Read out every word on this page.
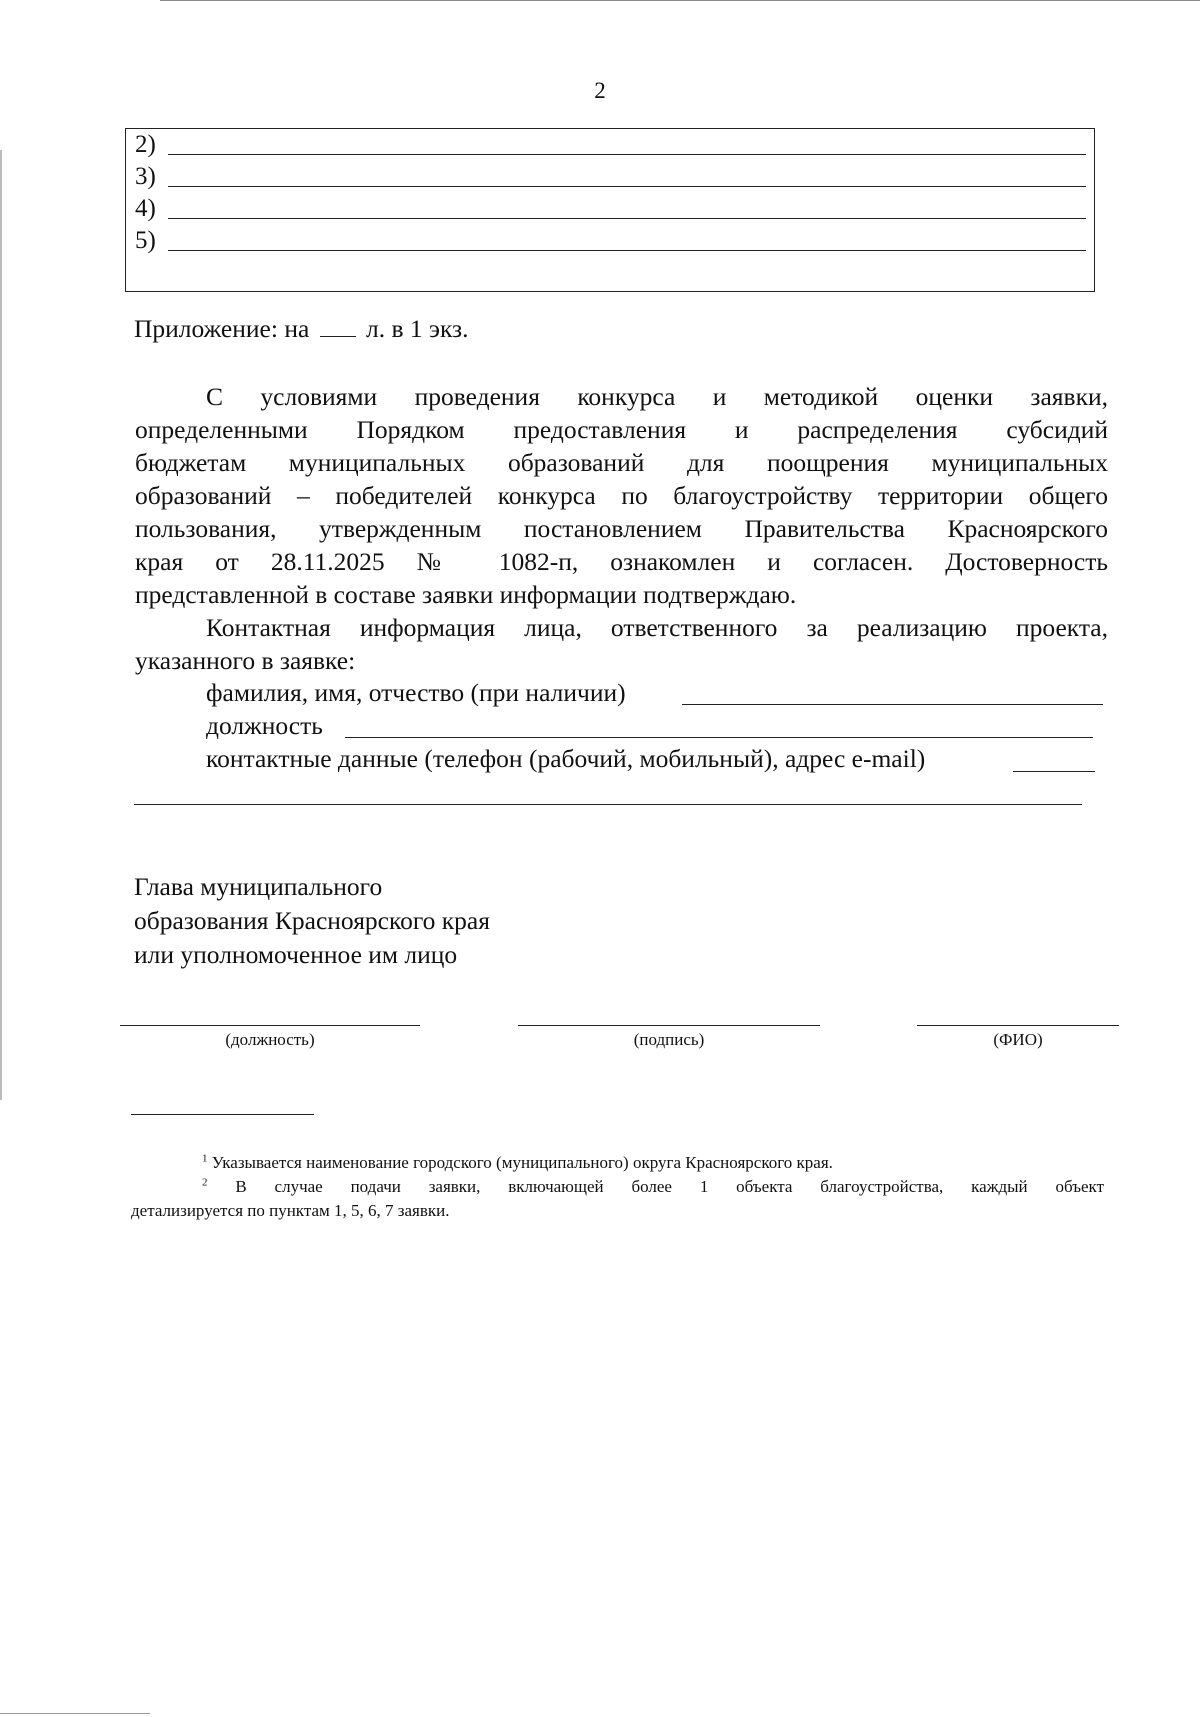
2
2)
3)
4)
5)
Приложение: на л. в 1 экз.
С условиями проведения конкурса и методикой оценки заявки,
определенными Порядком предоставления и распределения субсидий
бюджетам муниципальных образований для поощрения муниципальных
образований – победителей конкурса по благоустройству территории общего
пользования, утвержденным постановлением Правительства Красноярского
края от 28.11.2025 № 1082-п, ознакомлен и согласен. Достоверность
представленной в составе заявки информации подтверждаю.
Контактная информация лица, ответственного за реализацию проекта,
указанного в заявке:
фамилия, имя, отчество (при наличии)
должность
контактные данные (телефон (рабочий, мобильный), адрес e-mail)
Глава муниципального
образования Красноярского края
или уполномоченное им лицо
(должность)	(подпись)	(ФИО)
$^1$ Указывается наименование городского (муниципального) округа Красноярского края.
$^2$ В случае подачи заявки, включающей более 1 объекта благоустройства, каждый объект
детализируется по пунктам 1, 5, 6, 7 заявки.
